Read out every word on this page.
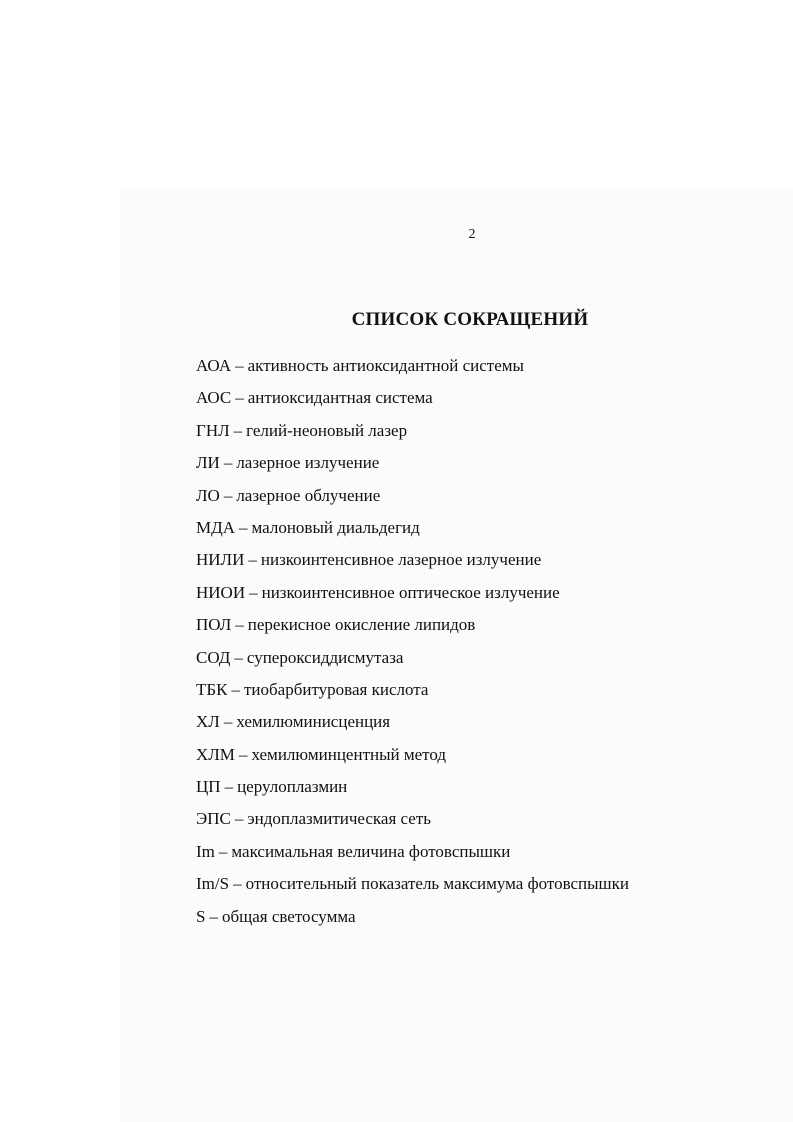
2
СПИСОК СОКРАЩЕНИЙ
АОА – активность антиоксидантной системы
АОС – антиоксидантная система
ГНЛ – гелий-неоновый лазер
ЛИ – лазерное излучение
ЛО – лазерное облучение
МДА – малоновый диальдегид
НИЛИ – низкоинтенсивное лазерное излучение
НИОИ – низкоинтенсивное оптическое излучение
ПОЛ – перекисное окисление липидов
СОД – супероксиддисмутаза
ТБК – тиобарбитуровая кислота
ХЛ – хемилюминисценция
ХЛМ – хемилюминцентный метод
ЦП – церулоплазмин
ЭПС – эндоплазмитическая сеть
Im – максимальная величина фотовспышки
Im/S – относительный показатель максимума фотовспышки
S – общая светосумма
